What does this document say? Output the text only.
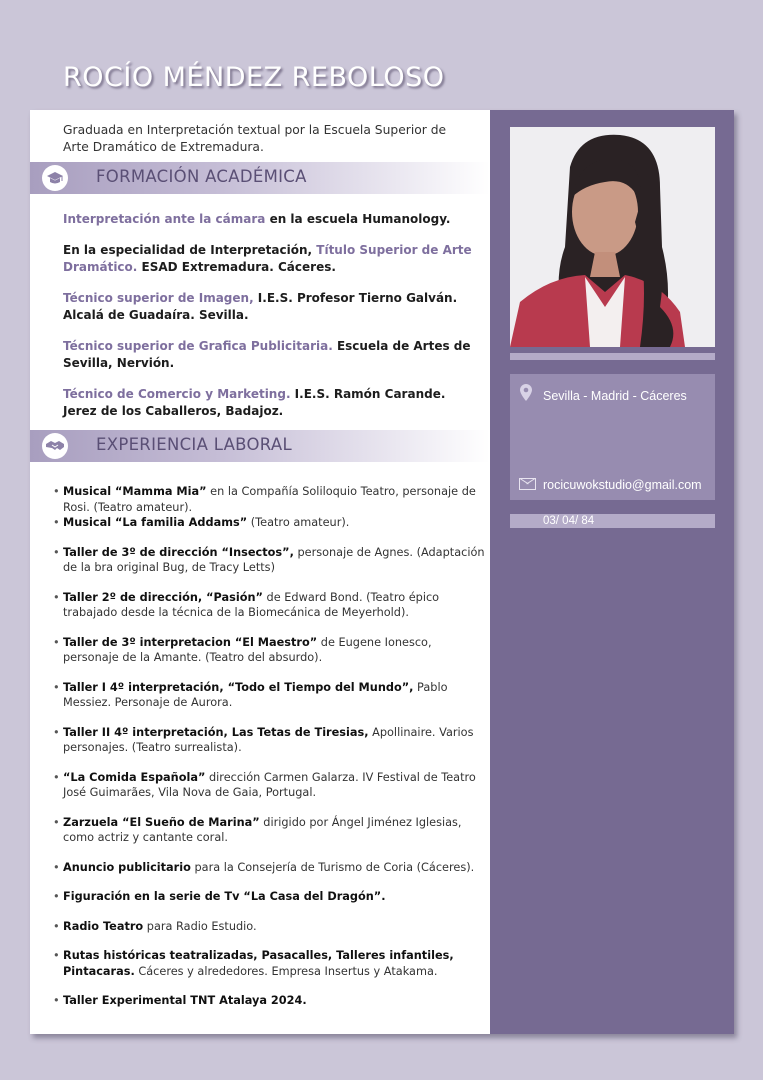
ROCÍO MÉNDEZ REBOLOSO

Graduada en Interpretación textual por la Escuela Superior de Arte Dramático de Extremadura.

FORMACIÓN ACADÉMICA

Interpretación ante la cámara en la escuela Humanology.

En la especialidad de Interpretación, Título Superior de Arte Dramático. ESAD Extremadura. Cáceres.

Técnico superior de Imagen, I.E.S. Profesor Tierno Galván. Alcalá de Guadaíra. Sevilla.

Técnico superior de Grafica Publicitaria. Escuela de Artes de Sevilla, Nervión.

Técnico de Comercio y Marketing. I.E.S. Ramón Carande. Jerez de los Caballeros, Badajoz.

EXPERIENCIA LABORAL
• Musical “Mamma Mia” en la Compañía Soliloquio Teatro, personaje de Rosi. (Teatro amateur).
• Musical “La familia Addams” (Teatro amateur).
• Taller de 3º de dirección “Insectos”, personaje de Agnes. (Adaptación de la bra original Bug, de Tracy Letts)
• Taller 2º de dirección, “Pasión” de Edward Bond. (Teatro épico trabajado desde la técnica de la Biomecánica de Meyerhold).
• Taller de 3º interpretacion “El Maestro” de Eugene Ionesco, personaje de la Amante. (Teatro del absurdo).
• Taller I 4º interpretación, “Todo el Tiempo del Mundo”, Pablo Messiez. Personaje de Aurora.
• Taller II 4º interpretación, Las Tetas de Tiresias, Apollinaire. Varios personajes. (Teatro surrealista).
• “La Comida Española” dirección Carmen Galarza. IV Festival de Teatro José Guimarães, Vila Nova de Gaia, Portugal.
• Zarzuela “El Sueño de Marina” dirigido por Ángel Jiménez Iglesias, como actriz y cantante coral.
• Anuncio publicitario para la Consejería de Turismo de Coria (Cáceres).
• Figuración en la serie de Tv “La Casa del Dragón”.
• Radio Teatro para Radio Estudio.
• Rutas históricas teatralizadas, Pasacalles, Talleres infantiles, Pintacaras. Cáceres y alrededores. Empresa Insertus y Atakama.
• Taller Experimental TNT Atalaya 2024.
Sevilla - Madrid - Cáceres
rocicuwokstudio@gmail.com
03/ 04/ 84
